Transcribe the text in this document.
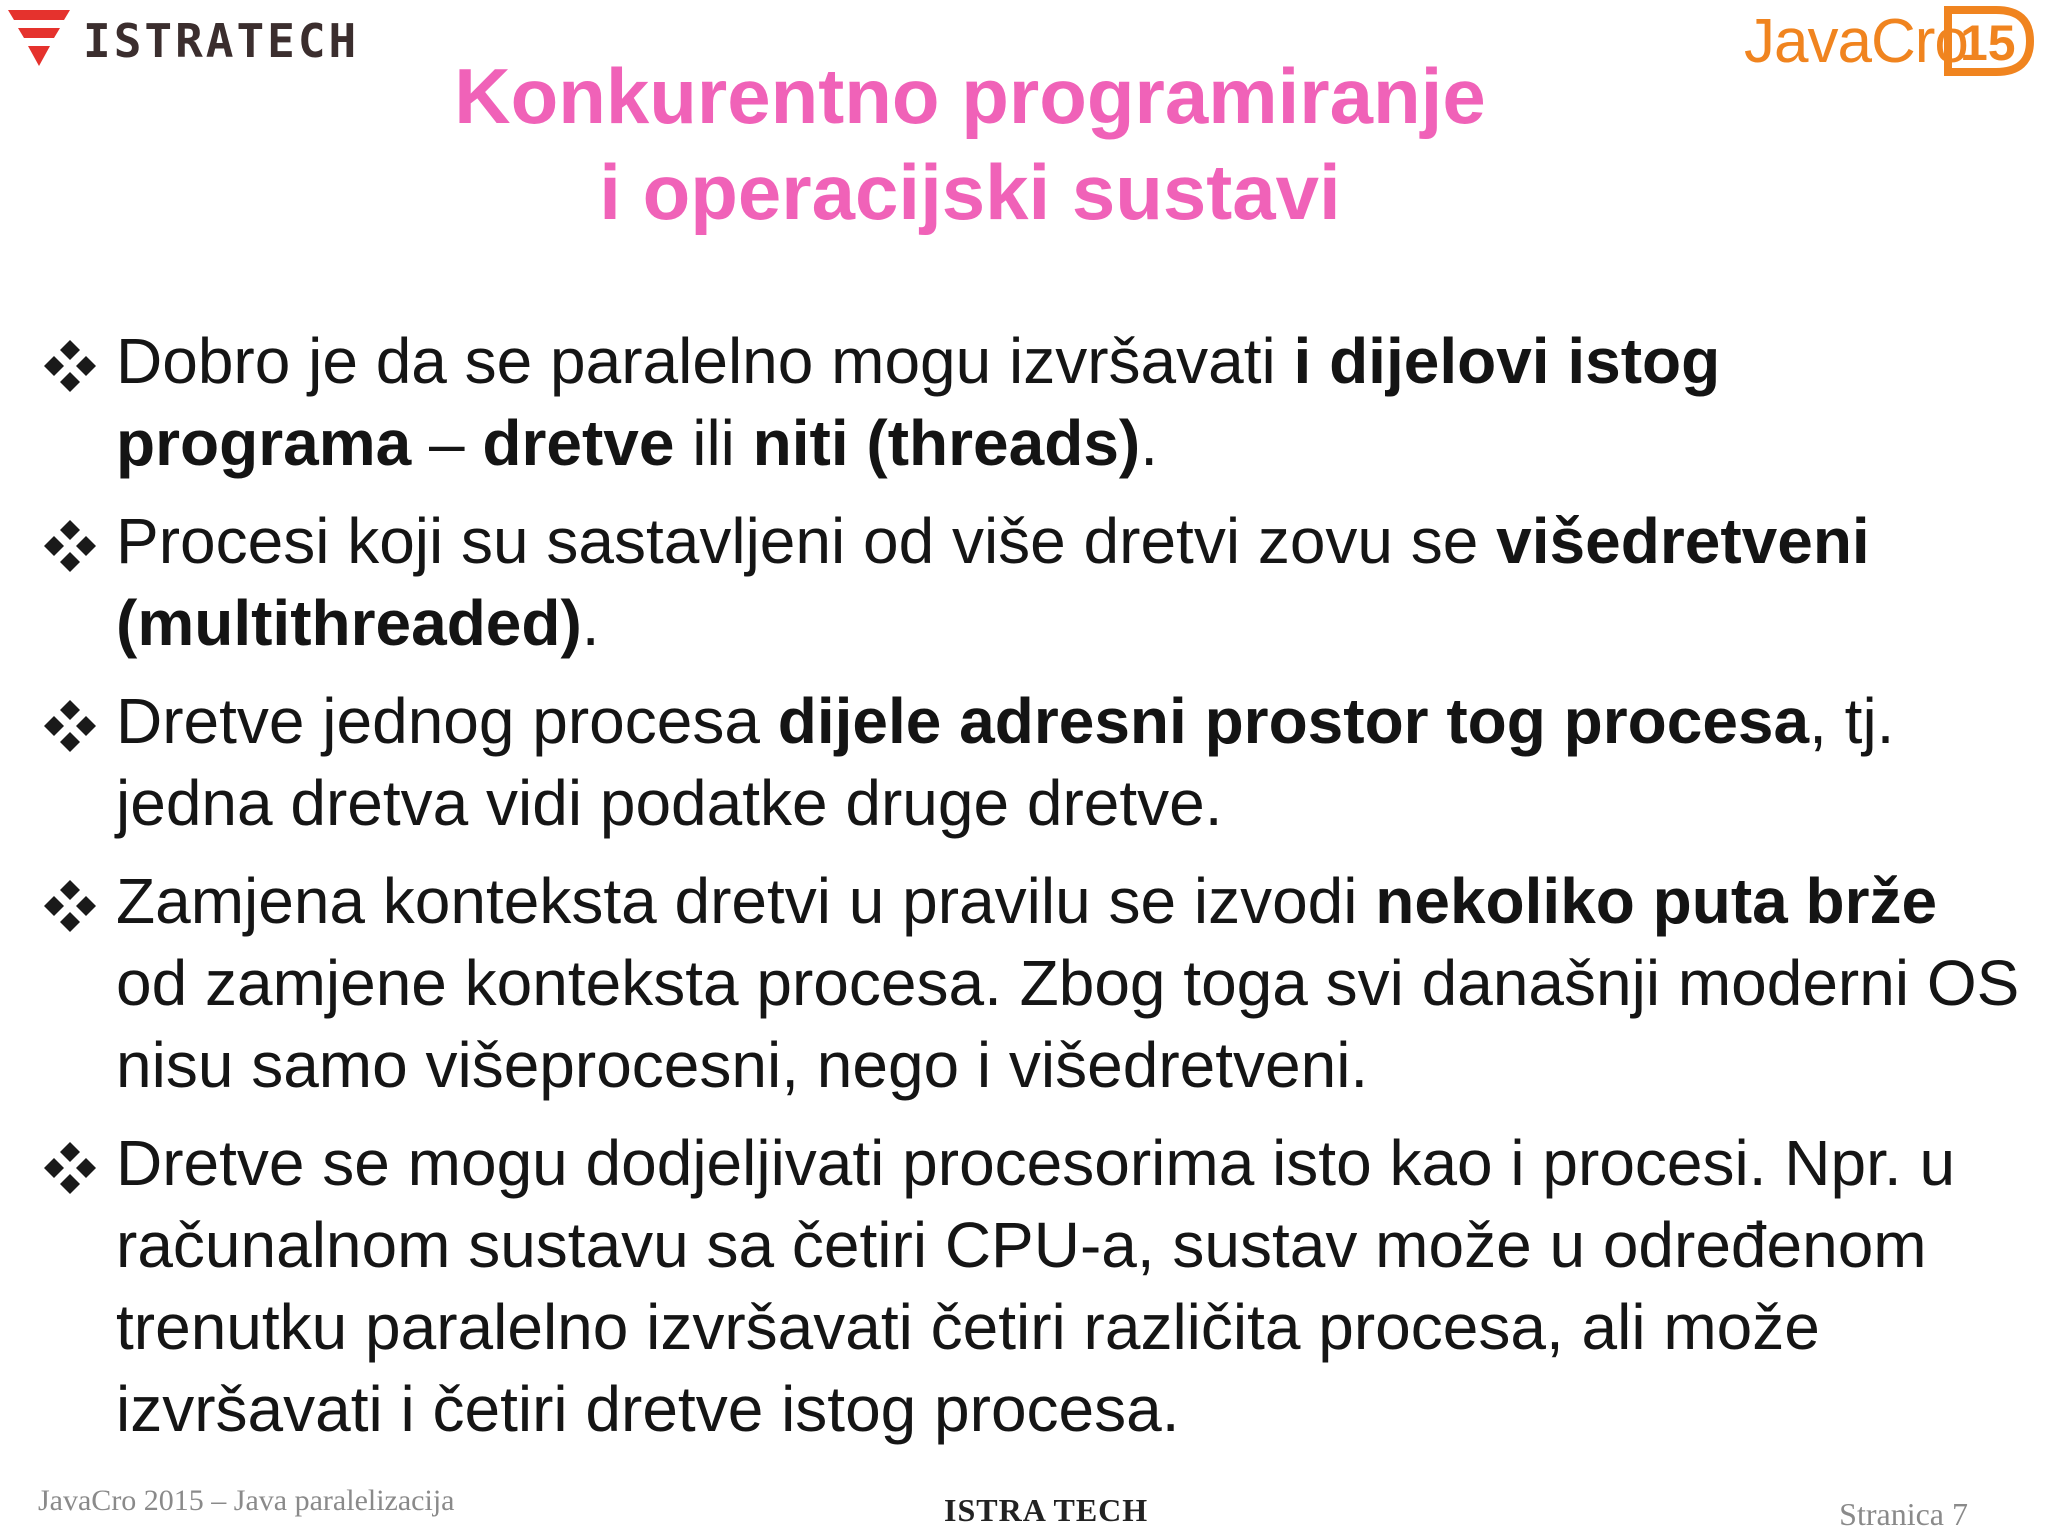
ISTRATECH	JavaCro
15
Konkurentno programiranje
i operacijski sustavi
Dobro je da se paralelno mogu izvršavati i dijelovi istog programa – dretve ili niti (threads).
Procesi koji su sastavljeni od više dretvi zovu se višedretveni (multithreaded).
Dretve jednog procesa dijele adresni prostor tog procesa, tj. jedna dretva vidi podatke druge dretve.
Zamjena konteksta dretvi u pravilu se izvodi nekoliko puta brže od zamjene konteksta procesa. Zbog toga svi današnji moderni OS nisu samo višeprocesni, nego i višedretveni.
Dretve se mogu dodjeljivati procesorima isto kao i procesi. Npr. u računalnom sustavu sa četiri CPU-a, sustav može u određenom trenutku paralelno izvršavati četiri različita procesa, ali može izvršavati i četiri dretve istog procesa.
JavaCro 2015 – Java paralelizacija	ISTRA TECH	Stranica 7
